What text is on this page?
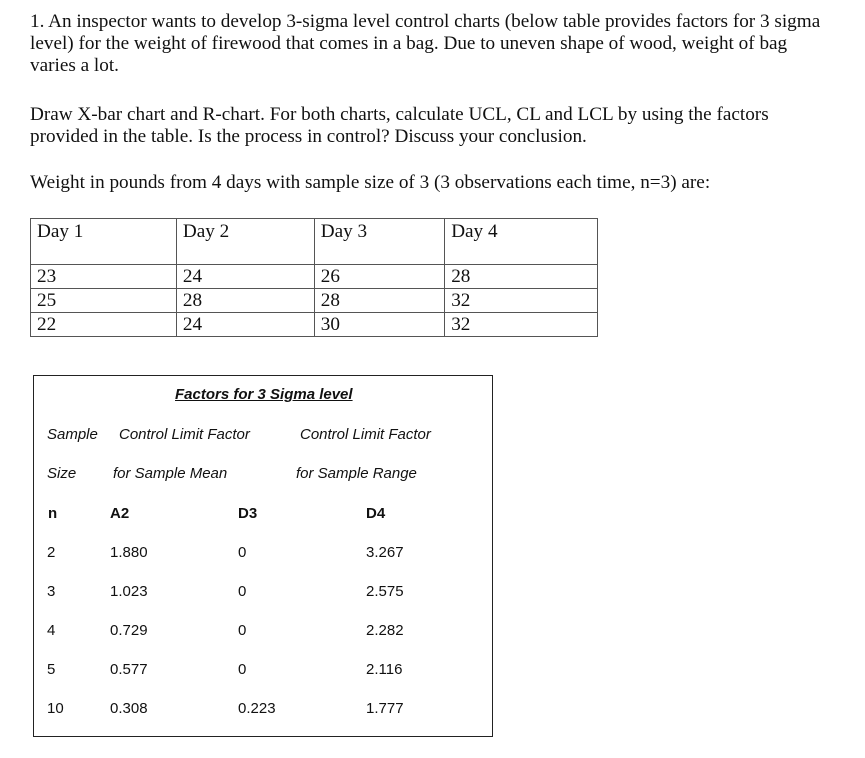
1. An inspector wants to develop 3-sigma level control charts (below table provides factors for 3 sigma level) for the weight of firewood that comes in a bag. Due to uneven shape of wood, weight of bag varies a lot.

Draw X-bar chart and R-chart. For both charts, calculate UCL, CL and LCL by using the factors provided in the table. Is the process in control? Discuss your conclusion.

Weight in pounds from 4 days with sample size of 3 (3 observations each time, n=3) are:

Day 1	Day 2	Day 3	Day 4
23	24	26	28
25	28	28	32
22	24	30	32
Factors for 3 Sigma level
Sample Control Limit Factor	Control Limit Factor
Size for Sample Mean	for Sample Range
n	A2	D3	D4
2	1.880	0	3.267
3	1.023	0	2.575
4	0.729	0	2.282
5	0.577	0	2.116
10	0.308	0.223	1.777
